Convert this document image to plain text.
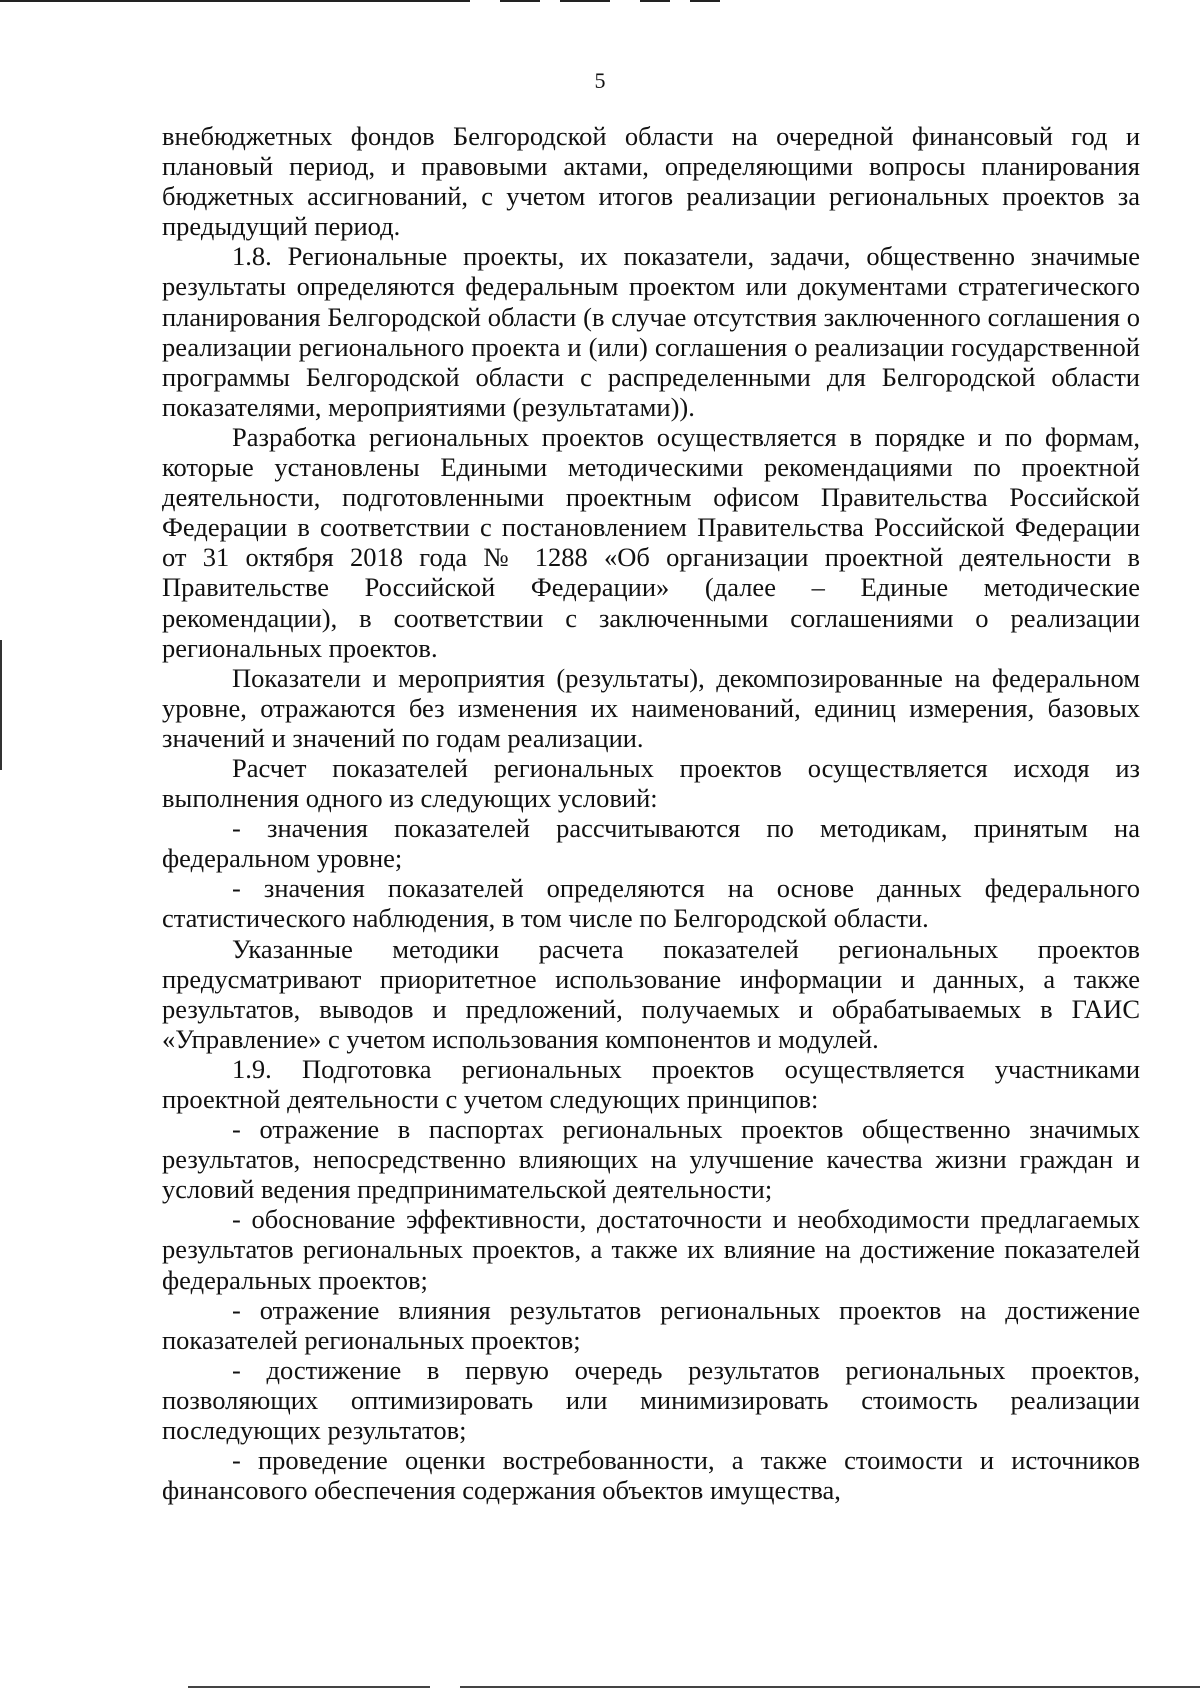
5

внебюджетных фондов Белгородской области на очередной финансовый год и плановый период, и правовыми актами, определяющими вопросы планирования бюджетных ассигнований, с учетом итогов реализации региональных проектов за предыдущий период.

1.8. Региональные проекты, их показатели, задачи, общественно значимые результаты определяются федеральным проектом или документами стратегического планирования Белгородской области (в случае отсутствия заключенного соглашения о реализации регионального проекта и (или) соглашения о реализации государственной программы Белгородской области с распределенными для Белгородской области показателями, мероприятиями (результатами)).

Разработка региональных проектов осуществляется в порядке и по формам, которые установлены Едиными методическими рекомендациями по проектной деятельности, подготовленными проектным офисом Правительства Российской Федерации в соответствии с постановлением Правительства Российской Федерации от 31 октября 2018 года № 1288 «Об организации проектной деятельности в Правительстве Российской Федерации» (далее – Единые методические рекомендации), в соответствии с заключенными соглашениями о реализации региональных проектов.

Показатели и мероприятия (результаты), декомпозированные на федеральном уровне, отражаются без изменения их наименований, единиц измерения, базовых значений и значений по годам реализации.

Расчет показателей региональных проектов осуществляется исходя из выполнения одного из следующих условий:

- значения показателей рассчитываются по методикам, принятым на федеральном уровне;

- значения показателей определяются на основе данных федерального статистического наблюдения, в том числе по Белгородской области.

Указанные методики расчета показателей региональных проектов предусматривают приоритетное использование информации и данных, а также результатов, выводов и предложений, получаемых и обрабатываемых в ГАИС «Управление» с учетом использования компонентов и модулей.

1.9. Подготовка региональных проектов осуществляется участниками проектной деятельности с учетом следующих принципов:

- отражение в паспортах региональных проектов общественно значимых результатов, непосредственно влияющих на улучшение качества жизни граждан и условий ведения предпринимательской деятельности;

- обоснование эффективности, достаточности и необходимости предлагаемых результатов региональных проектов, а также их влияние на достижение показателей федеральных проектов;

- отражение влияния результатов региональных проектов на достижение показателей региональных проектов;

- достижение в первую очередь результатов региональных проектов, позволяющих оптимизировать или минимизировать стоимость реализации последующих результатов;

- проведение оценки востребованности, а также стоимости и источников финансового обеспечения содержания объектов имущества,
